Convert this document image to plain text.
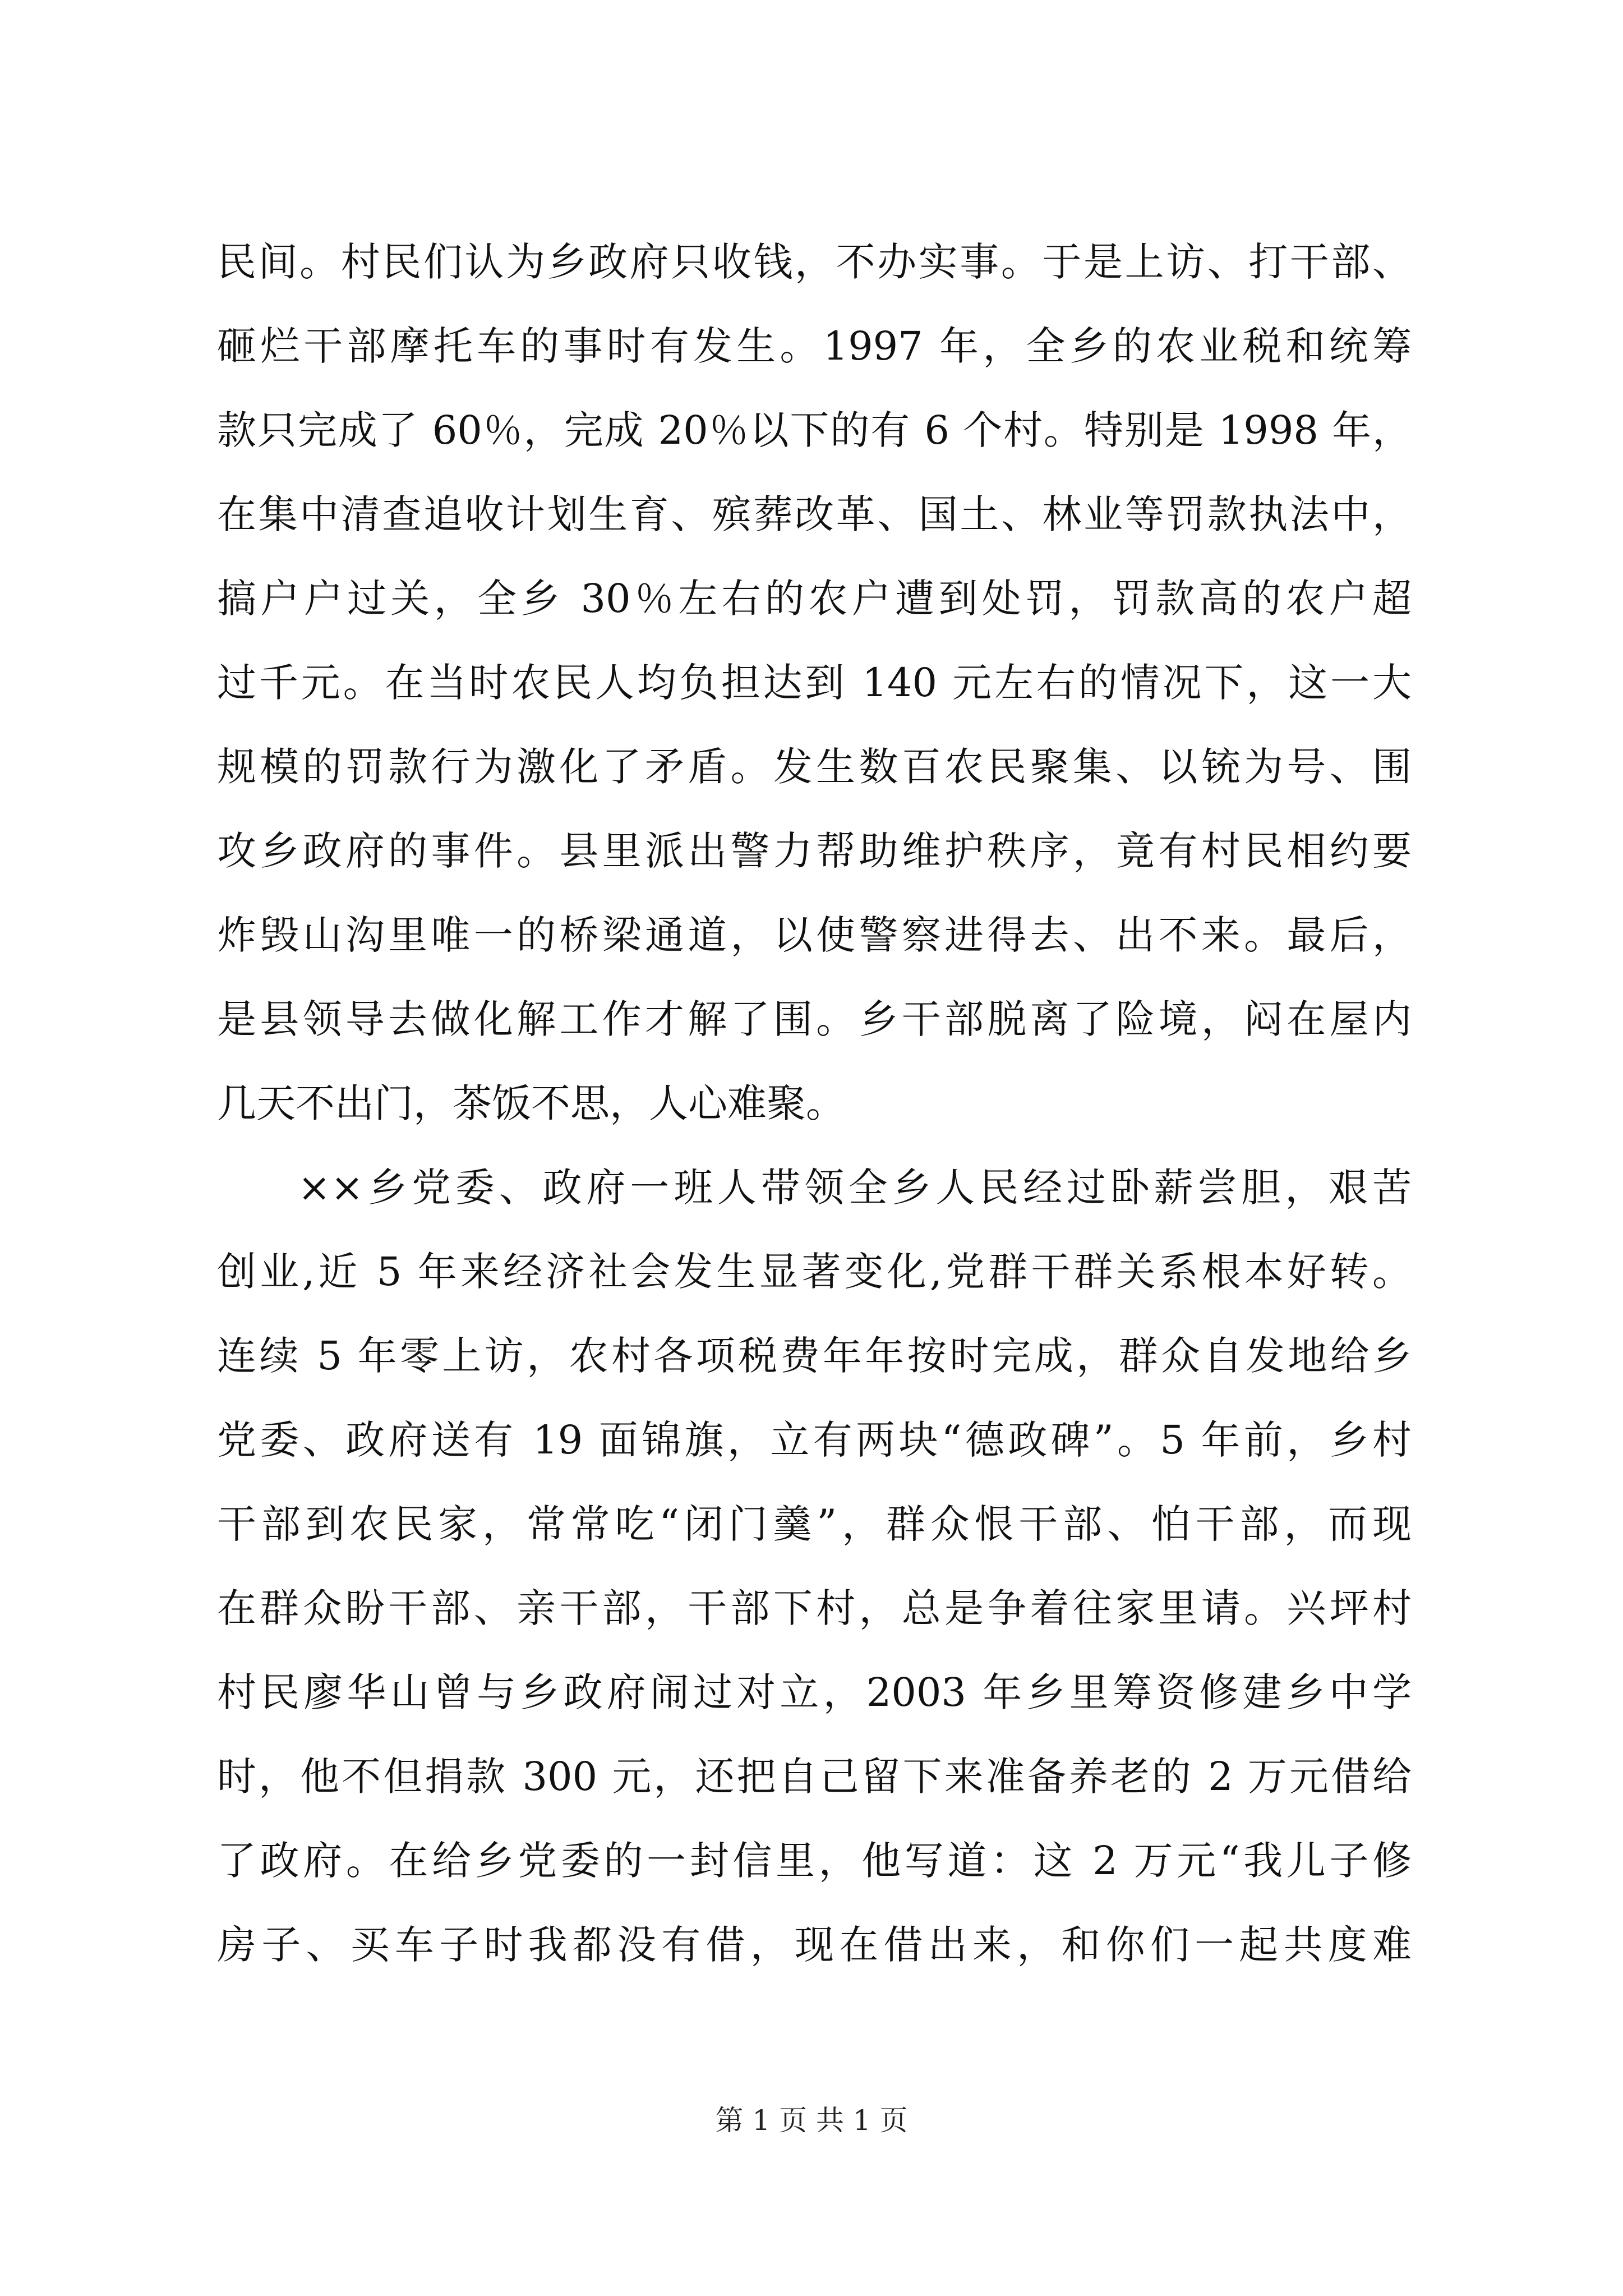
民间。村民们认为乡政府只收钱，不办实事。于是上访、打干部、
砸烂干部摩托车的事时有发生。1997 年，全乡的农业税和统筹
款只完成了 60％，完成 20％以下的有 6 个村。特别是 1998 年，
在集中清查追收计划生育、殡葬改革、国土、林业等罚款执法中，
搞户户过关，全乡 30％左右的农户遭到处罚，罚款高的农户超
过千元。在当时农民人均负担达到 140 元左右的情况下，这一大
规模的罚款行为激化了矛盾。发生数百农民聚集、以铳为号、围
攻乡政府的事件。县里派出警力帮助维护秩序，竟有村民相约要
炸毁山沟里唯一的桥梁通道，以使警察进得去、出不来。最后，
是县领导去做化解工作才解了围。乡干部脱离了险境，闷在屋内
几天不出门，茶饭不思，人心难聚。
××乡党委、政府一班人带领全乡人民经过卧薪尝胆，艰苦
创业,近 5 年来经济社会发生显著变化,党群干群关系根本好转。
连续 5 年零上访，农村各项税费年年按时完成，群众自发地给乡
党委、政府送有 19 面锦旗，立有两块“德政碑”。5 年前，乡村
干部到农民家，常常吃“闭门羹”，群众恨干部、怕干部，而现
在群众盼干部、亲干部，干部下村，总是争着往家里请。兴坪村
村民廖华山曾与乡政府闹过对立，2003 年乡里筹资修建乡中学
时，他不但捐款 300 元，还把自己留下来准备养老的 2 万元借给
了政府。在给乡党委的一封信里，他写道：这 2 万元“我儿子修
房子、买车子时我都没有借，现在借出来，和你们一起共度难
第 1 页 共 1 页
